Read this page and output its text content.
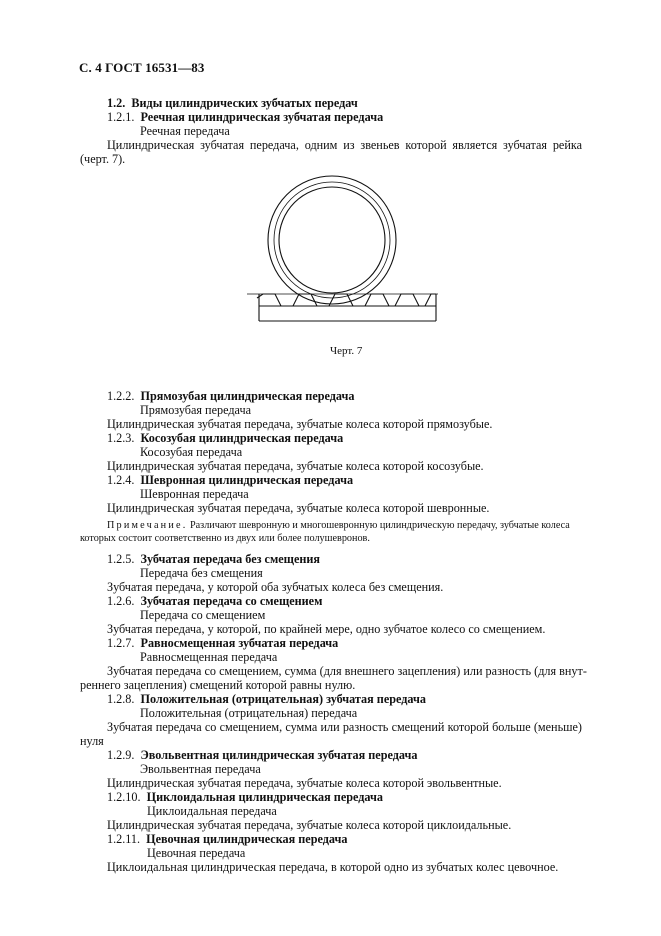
С. 4 ГОСТ 16531—83
1.2. Виды цилиндрических зубчатых передач
1.2.1. Реечная цилиндрическая зубчатая передача
Реечная передача
Цилиндрическая зубчатая передача, одним из звеньев которой является зубчатая рейка
(черт. 7).
Черт. 7
1.2.2. Прямозубая цилиндрическая передача
Прямозубая передача
Цилиндрическая зубчатая передача, зубчатые колеса которой прямозубые.
1.2.3. Косозубая цилиндрическая передача
Косозубая передача
Цилиндрическая зубчатая передача, зубчатые колеса которой косозубые.
1.2.4. Шевронная цилиндрическая передача
Шевронная передача
Цилиндрическая зубчатая передача, зубчатые колеса которой шевронные.
Примечание. Различают шевронную и многошевронную цилиндрическую передачу, зубчатые колеса
которых состоит соответственно из двух или более полушевронов.
1.2.5. Зубчатая передача без смещения
Передача без смещения
Зубчатая передача, у которой оба зубчатых колеса без смещения.
1.2.6. Зубчатая передача со смещением
Передача со смещением
Зубчатая передача, у которой, по крайней мере, одно зубчатое колесо со смещением.
1.2.7. Равносмещенная зубчатая передача
Равносмещенная передача
Зубчатая передача со смещением, сумма (для внешнего зацепления) или разность (для внут-
реннего зацепления) смещений которой равны нулю.
1.2.8. Положительная (отрицательная) зубчатая передача
Положительная (отрицательная) передача
Зубчатая передача со смещением, сумма или разность смещений которой больше (меньше)
нуля
1.2.9. Эвольвентная цилиндрическая зубчатая передача
Эвольвентная передача
Цилиндрическая зубчатая передача, зубчатые колеса которой эвольвентные.
1.2.10. Циклоидальная цилиндрическая передача
Циклоидальная передача
Цилиндрическая зубчатая передача, зубчатые колеса которой циклоидальные.
1.2.11. Цевочная цилиндрическая передача
Цевочная передача
Циклоидальная цилиндрическая передача, в которой одно из зубчатых колес цевочное.
